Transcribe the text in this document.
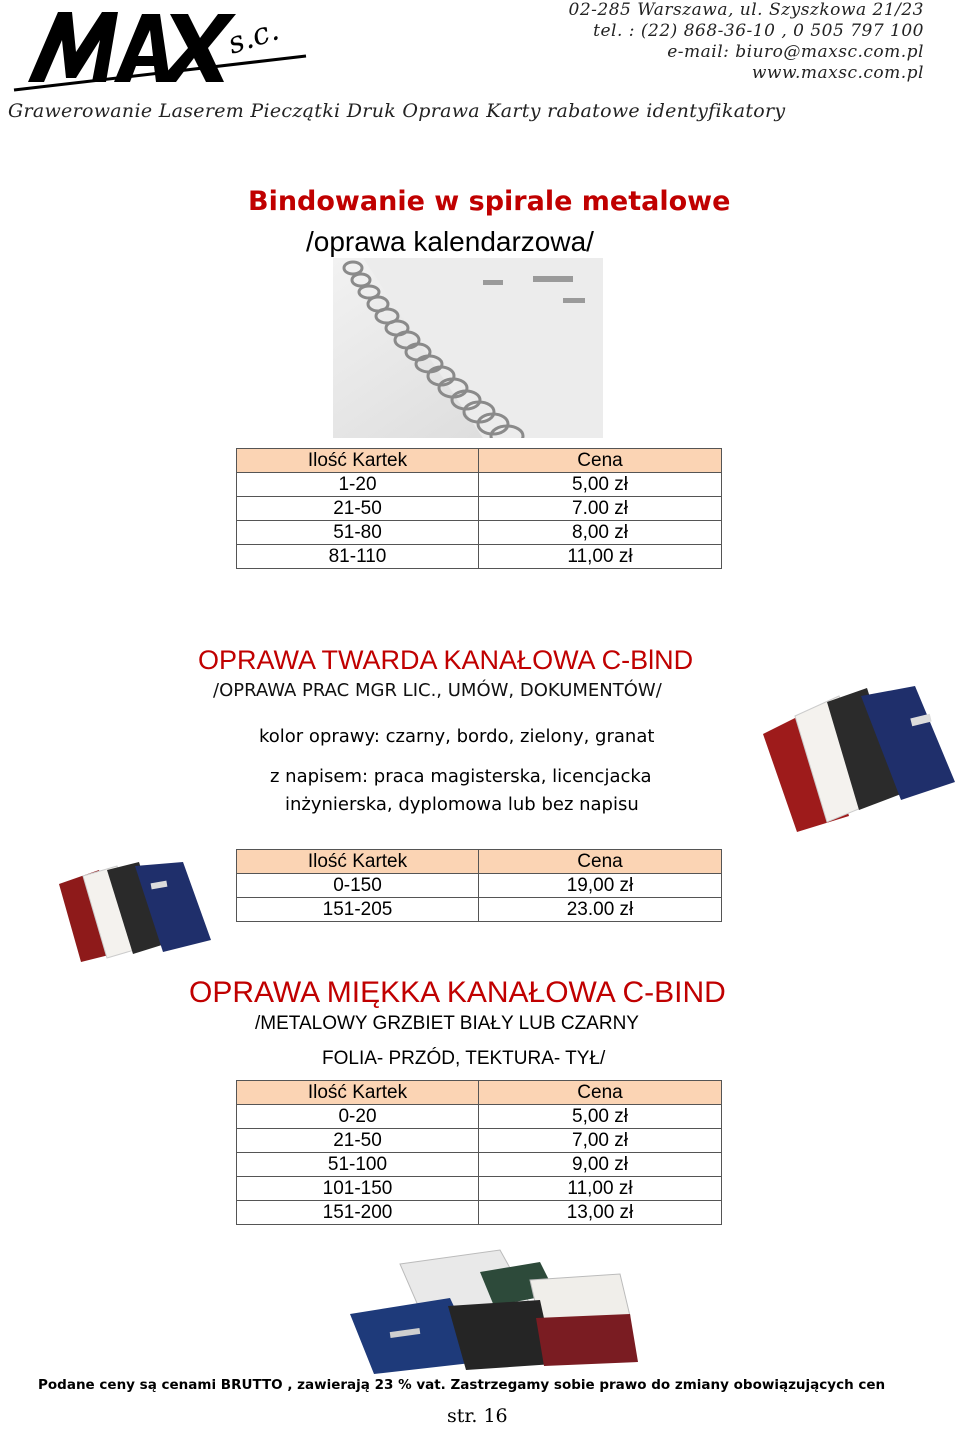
s.c.
02-285 Warszawa, ul. Szyszkowa 21/23
tel. : (22) 868-36-10 , 0 505 797 100
e-mail: biuro@maxsc.com.pl
www.maxsc.com.pl
Grawerowanie Laserem Pieczątki Druk Oprawa Karty rabatowe identyfikatory
Bindowanie w spirale metalowe
/oprawa kalendarzowa/
Ilość Kartek	Cena
1-20	5,00 zł
21-50	7.00 zł
51-80	8,00 zł
81-110	11,00 zł
OPRAWA TWARDA KANAŁOWA C-BlND
/OPRAWA PRAC MGR LIC., UMÓW, DOKUMENTÓW/
kolor oprawy: czarny, bordo, zielony, granat
z napisem: praca magisterska, licencjacka
inżynierska, dyplomowa lub bez napisu
Ilość Kartek	Cena
0-150	19,00 zł
151-205	23.00 zł
OPRAWA MIĘKKA KANAŁOWA C-BIND
/METALOWY GRZBIET BIAŁY LUB CZARNY
FOLIA- PRZÓD, TEKTURA- TYŁ/
Ilość Kartek	Cena
0-20	5,00 zł
21-50	7,00 zł
51-100	9,00 zł
101-150	11,00 zł
151-200	13,00 zł
Podane ceny są cenami BRUTTO , zawierają 23 % vat. Zastrzegamy sobie prawo do zmiany obowiązujących cen
str. 16
